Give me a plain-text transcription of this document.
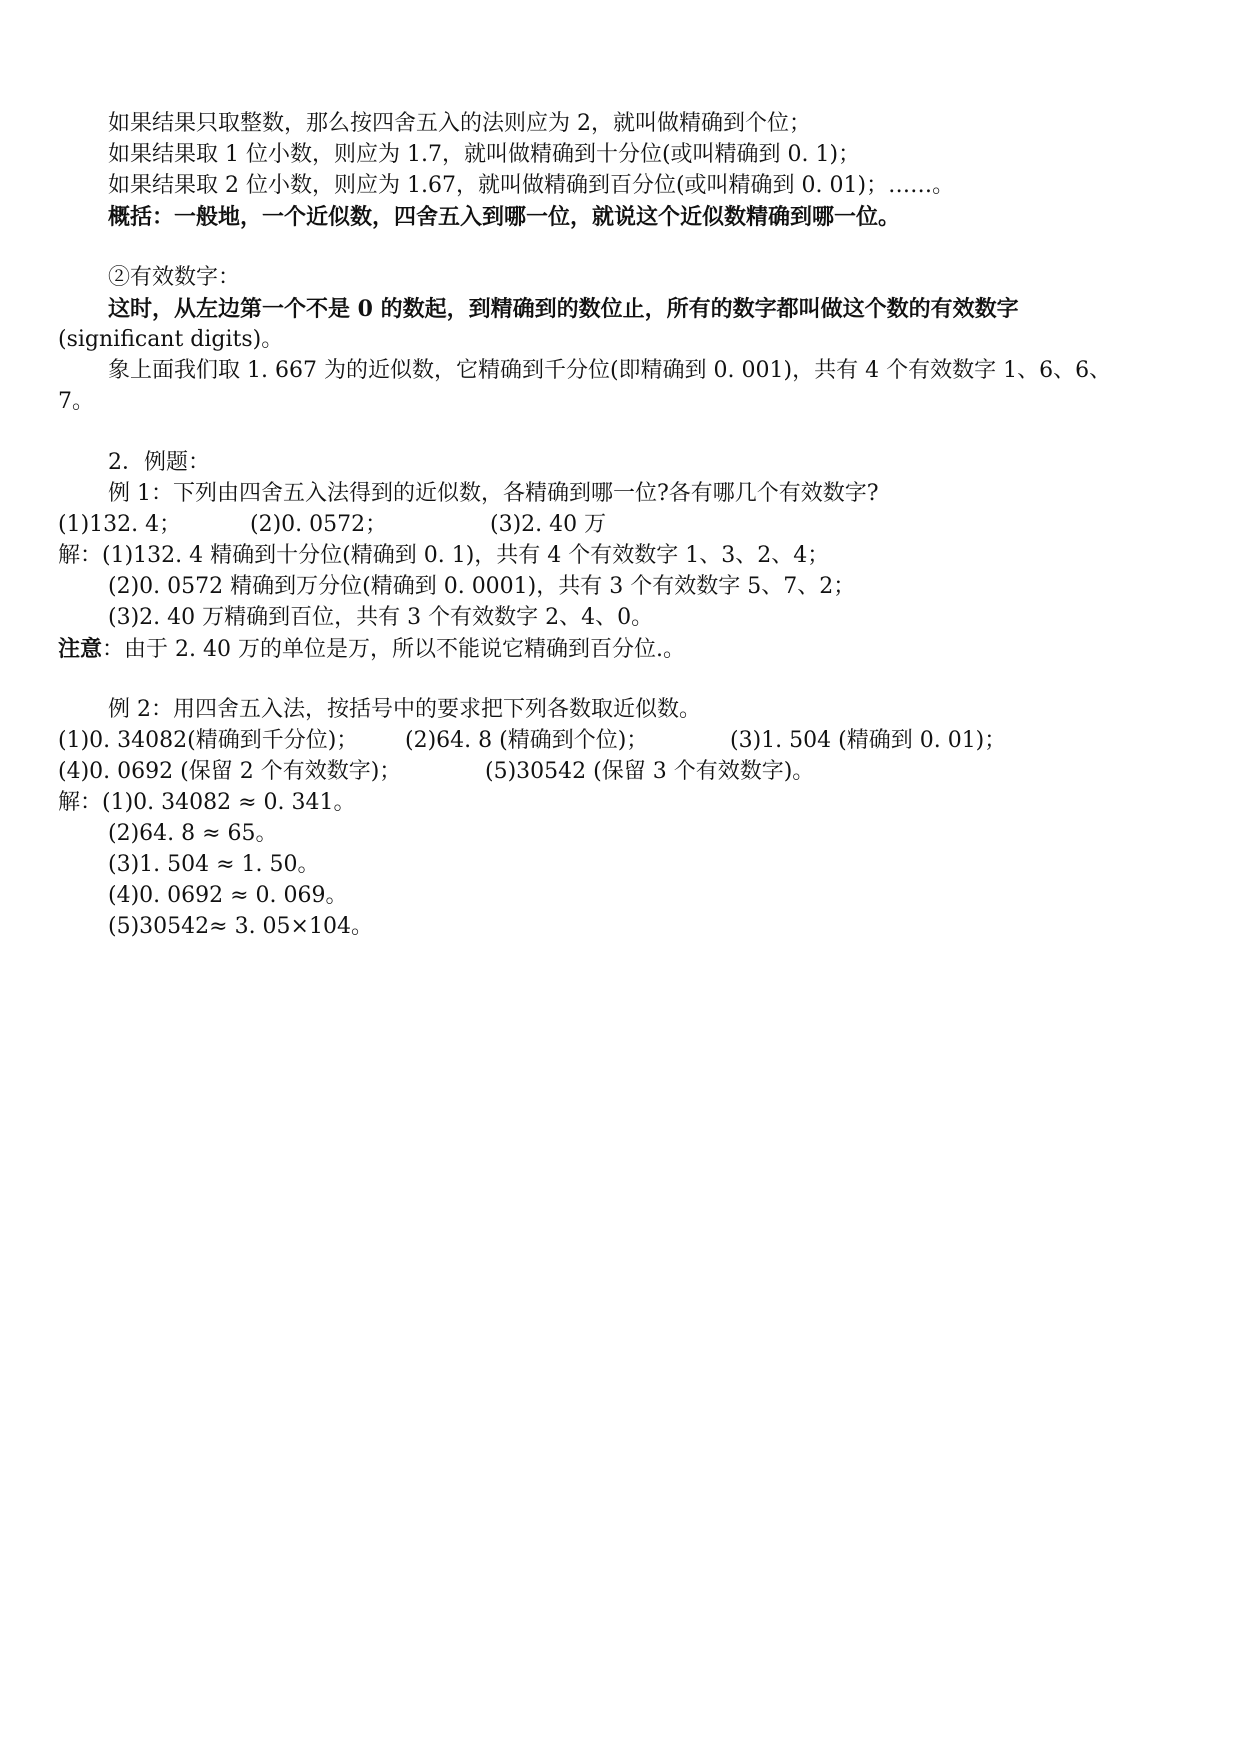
如果结果只取整数，那么按四舍五入的法则应为 2，就叫做精确到个位；
如果结果取 1 位小数，则应为 1.7，就叫做精确到十分位(或叫精确到 0. 1)；
如果结果取 2 位小数，则应为 1.67，就叫做精确到百分位(或叫精确到 0. 01)；……。
概括：一般地，一个近似数，四舍五入到哪一位，就说这个近似数精确到哪一位。
②有效数字：
这时，从左边第一个不是 0 的数起，到精确到的数位止，所有的数字都叫做这个数的有效数字
(significant digits)。
象上面我们取 1. 667 为的近似数，它精确到千分位(即精确到 0. 001)，共有 4 个有效数字 1、6、6、
7。
2．例题：
例 1：下列由四舍五入法得到的近似数，各精确到哪一位?各有哪几个有效数字?
(1)132. 4；	(2)0. 0572；	(3)2. 40 万
解：(1)132. 4 精确到十分位(精确到 0. 1)，共有 4 个有效数字 1、3、2、4；
(2)0. 0572 精确到万分位(精确到 0. 0001)，共有 3 个有效数字 5、7、2；
(3)2. 40 万精确到百位，共有 3 个有效数字 2、4、0。
注意：由于 2. 40 万的单位是万，所以不能说它精确到百分位.。
例 2：用四舍五入法，按括号中的要求把下列各数取近似数。
(1)0. 34082(精确到千分位)； (2)64. 8 (精确到个位)；	(3)1. 504 (精确到 0. 01)；
(4)0. 0692 (保留 2 个有效数字)；	(5)30542 (保留 3 个有效数字)。
解：(1)0. 34082 ≈ 0. 341。
(2)64. 8 ≈ 65。
(3)1. 504 ≈ 1. 50。
(4)0. 0692 ≈ 0. 069。
(5)30542≈ 3. 05×104。
